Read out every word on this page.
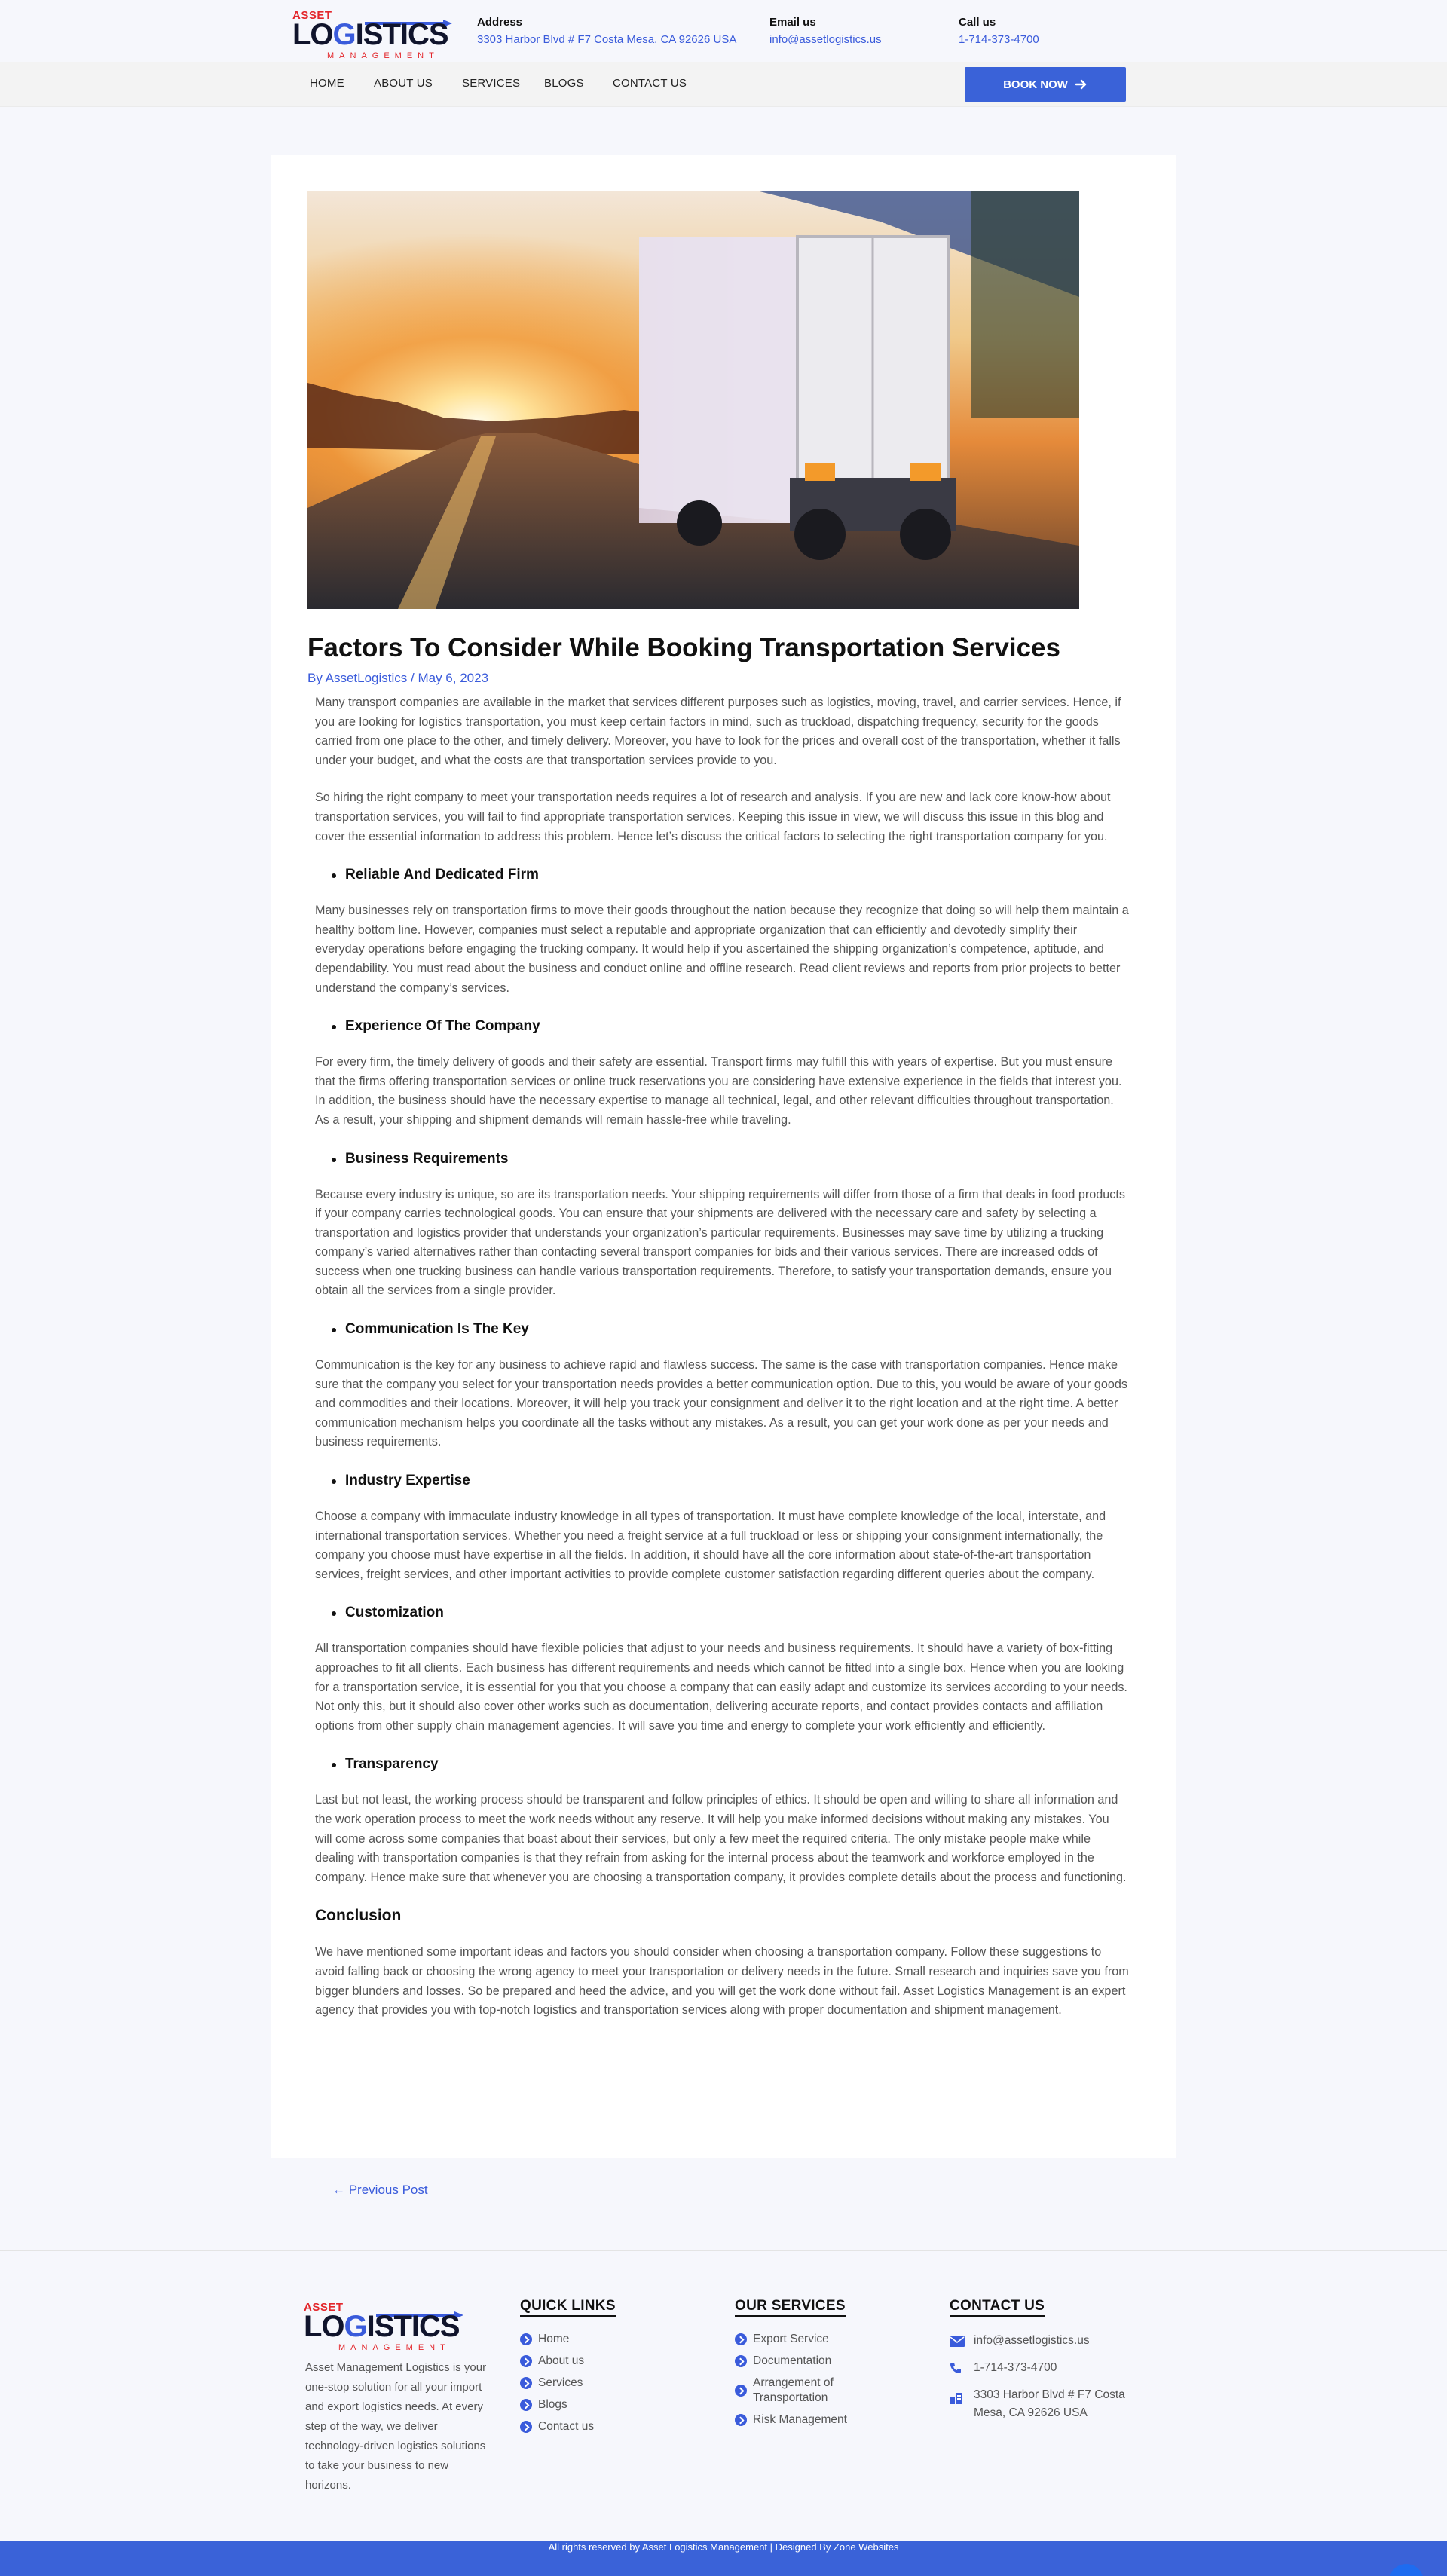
ASSET
LOGISTICS
MANAGEMENT
Address
3303 Harbor Blvd # F7 Costa Mesa, CA 92626 USA
Email us
info@assetlogistics.us
Call us
1-714-373-4700
HOME	ABOUT US	SERVICES BLOGS	CONTACT US	BOOK NOW
Factors To Consider While Booking Transportation Services
By AssetLogistics / May 6, 2023

Many transport companies are available in the market that services different purposes such as logistics, moving, travel, and carrier services. Hence, if you are looking for logistics transportation, you must keep certain factors in mind, such as truckload, dispatching frequency, security for the goods carried from one place to the other, and timely delivery. Moreover, you have to look for the prices and overall cost of the transportation, whether it falls under your budget, and what the costs are that transportation services provide to you.

So hiring the right company to meet your transportation needs requires a lot of research and analysis. If you are new and lack core know-how about transportation services, you will fail to find appropriate transportation services. Keeping this issue in view, we will discuss this issue in this blog and cover the essential information to address this problem. Hence let’s discuss the critical factors to selecting the right transportation company for you.

Reliable And Dedicated Firm

Many businesses rely on transportation firms to move their goods throughout the nation because they recognize that doing so will help them maintain a healthy bottom line. However, companies must select a reputable and appropriate organization that can efficiently and devotedly simplify their everyday operations before engaging the trucking company. It would help if you ascertained the shipping organization’s competence, aptitude, and dependability. You must read about the business and conduct online and offline research. Read client reviews and reports from prior projects to better understand the company’s services.

Experience Of The Company

For every firm, the timely delivery of goods and their safety are essential. Transport firms may fulfill this with years of expertise. But you must ensure that the firms offering transportation services or online truck reservations you are considering have extensive experience in the fields that interest you. In addition, the business should have the necessary expertise to manage all technical, legal, and other relevant difficulties throughout transportation. As a result, your shipping and shipment demands will remain hassle-free while traveling.

Business Requirements

Because every industry is unique, so are its transportation needs. Your shipping requirements will differ from those of a firm that deals in food products if your company carries technological goods. You can ensure that your shipments are delivered with the necessary care and safety by selecting a transportation and logistics provider that understands your organization’s particular requirements. Businesses may save time by utilizing a trucking company’s varied alternatives rather than contacting several transport companies for bids and their various services. There are increased odds of success when one trucking business can handle various transportation requirements. Therefore, to satisfy your transportation demands, ensure you obtain all the services from a single provider.

Communication Is The Key

Communication is the key for any business to achieve rapid and flawless success. The same is the case with transportation companies. Hence make sure that the company you select for your transportation needs provides a better communication option. Due to this, you would be aware of your goods and commodities and their locations. Moreover, it will help you track your consignment and deliver it to the right location and at the right time. A better communication mechanism helps you coordinate all the tasks without any mistakes. As a result, you can get your work done as per your needs and business requirements.

Industry Expertise

Choose a company with immaculate industry knowledge in all types of transportation. It must have complete knowledge of the local, interstate, and international transportation services. Whether you need a freight service at a full truckload or less or shipping your consignment internationally, the company you choose must have expertise in all the fields. In addition, it should have all the core information about state-of-the-art transportation services, freight services, and other important activities to provide complete customer satisfaction regarding different queries about the company.

Customization

All transportation companies should have flexible policies that adjust to your needs and business requirements. It should have a variety of box-fitting approaches to fit all clients. Each business has different requirements and needs which cannot be fitted into a single box. Hence when you are looking for a transportation service, it is essential for you that you choose a company that can easily adapt and customize its services according to your needs. Not only this, but it should also cover other works such as documentation, delivering accurate reports, and contact provides contacts and affiliation options from other supply chain management agencies. It will save you time and energy to complete your work efficiently and efficiently.

Transparency

Last but not least, the working process should be transparent and follow principles of ethics. It should be open and willing to share all information and the work operation process to meet the work needs without any reserve. It will help you make informed decisions without making any mistakes. You will come across some companies that boast about their services, but only a few meet the required criteria. The only mistake people make while dealing with transportation companies is that they refrain from asking for the internal process about the teamwork and workforce employed in the company. Hence make sure that whenever you are choosing a transportation company, it provides complete details about the process and functioning.

Conclusion

We have mentioned some important ideas and factors you should consider when choosing a transportation company. Follow these suggestions to avoid falling back or choosing the wrong agency to meet your transportation or delivery needs in the future. Small research and inquiries save you from bigger blunders and losses. So be prepared and heed the advice, and you will get the work done without fail. Asset Logistics Management is an expert agency that provides you with top-notch logistics and transportation services along with proper documentation and shipment management.

← Previous Post
ASSET
LOGISTICS
MANAGEMENT

Asset Management Logistics is your one-stop solution for all your import and export logistics needs. At every step of the way, we deliver technology-driven logistics solutions to take your business to new horizons.

QUICK LINKS
Home
About us
Services
Blogs
Contact us
OUR SERVICES
Export Service
Documentation
Arrangement of Transportation
Risk Management
CONTACT US
info@assetlogistics.us
1-714-373-4700
3303 Harbor Blvd # F7 Costa Mesa, CA 92626 USA
All rights reserved by Asset Logistics Management | Designed By Zone Websites
